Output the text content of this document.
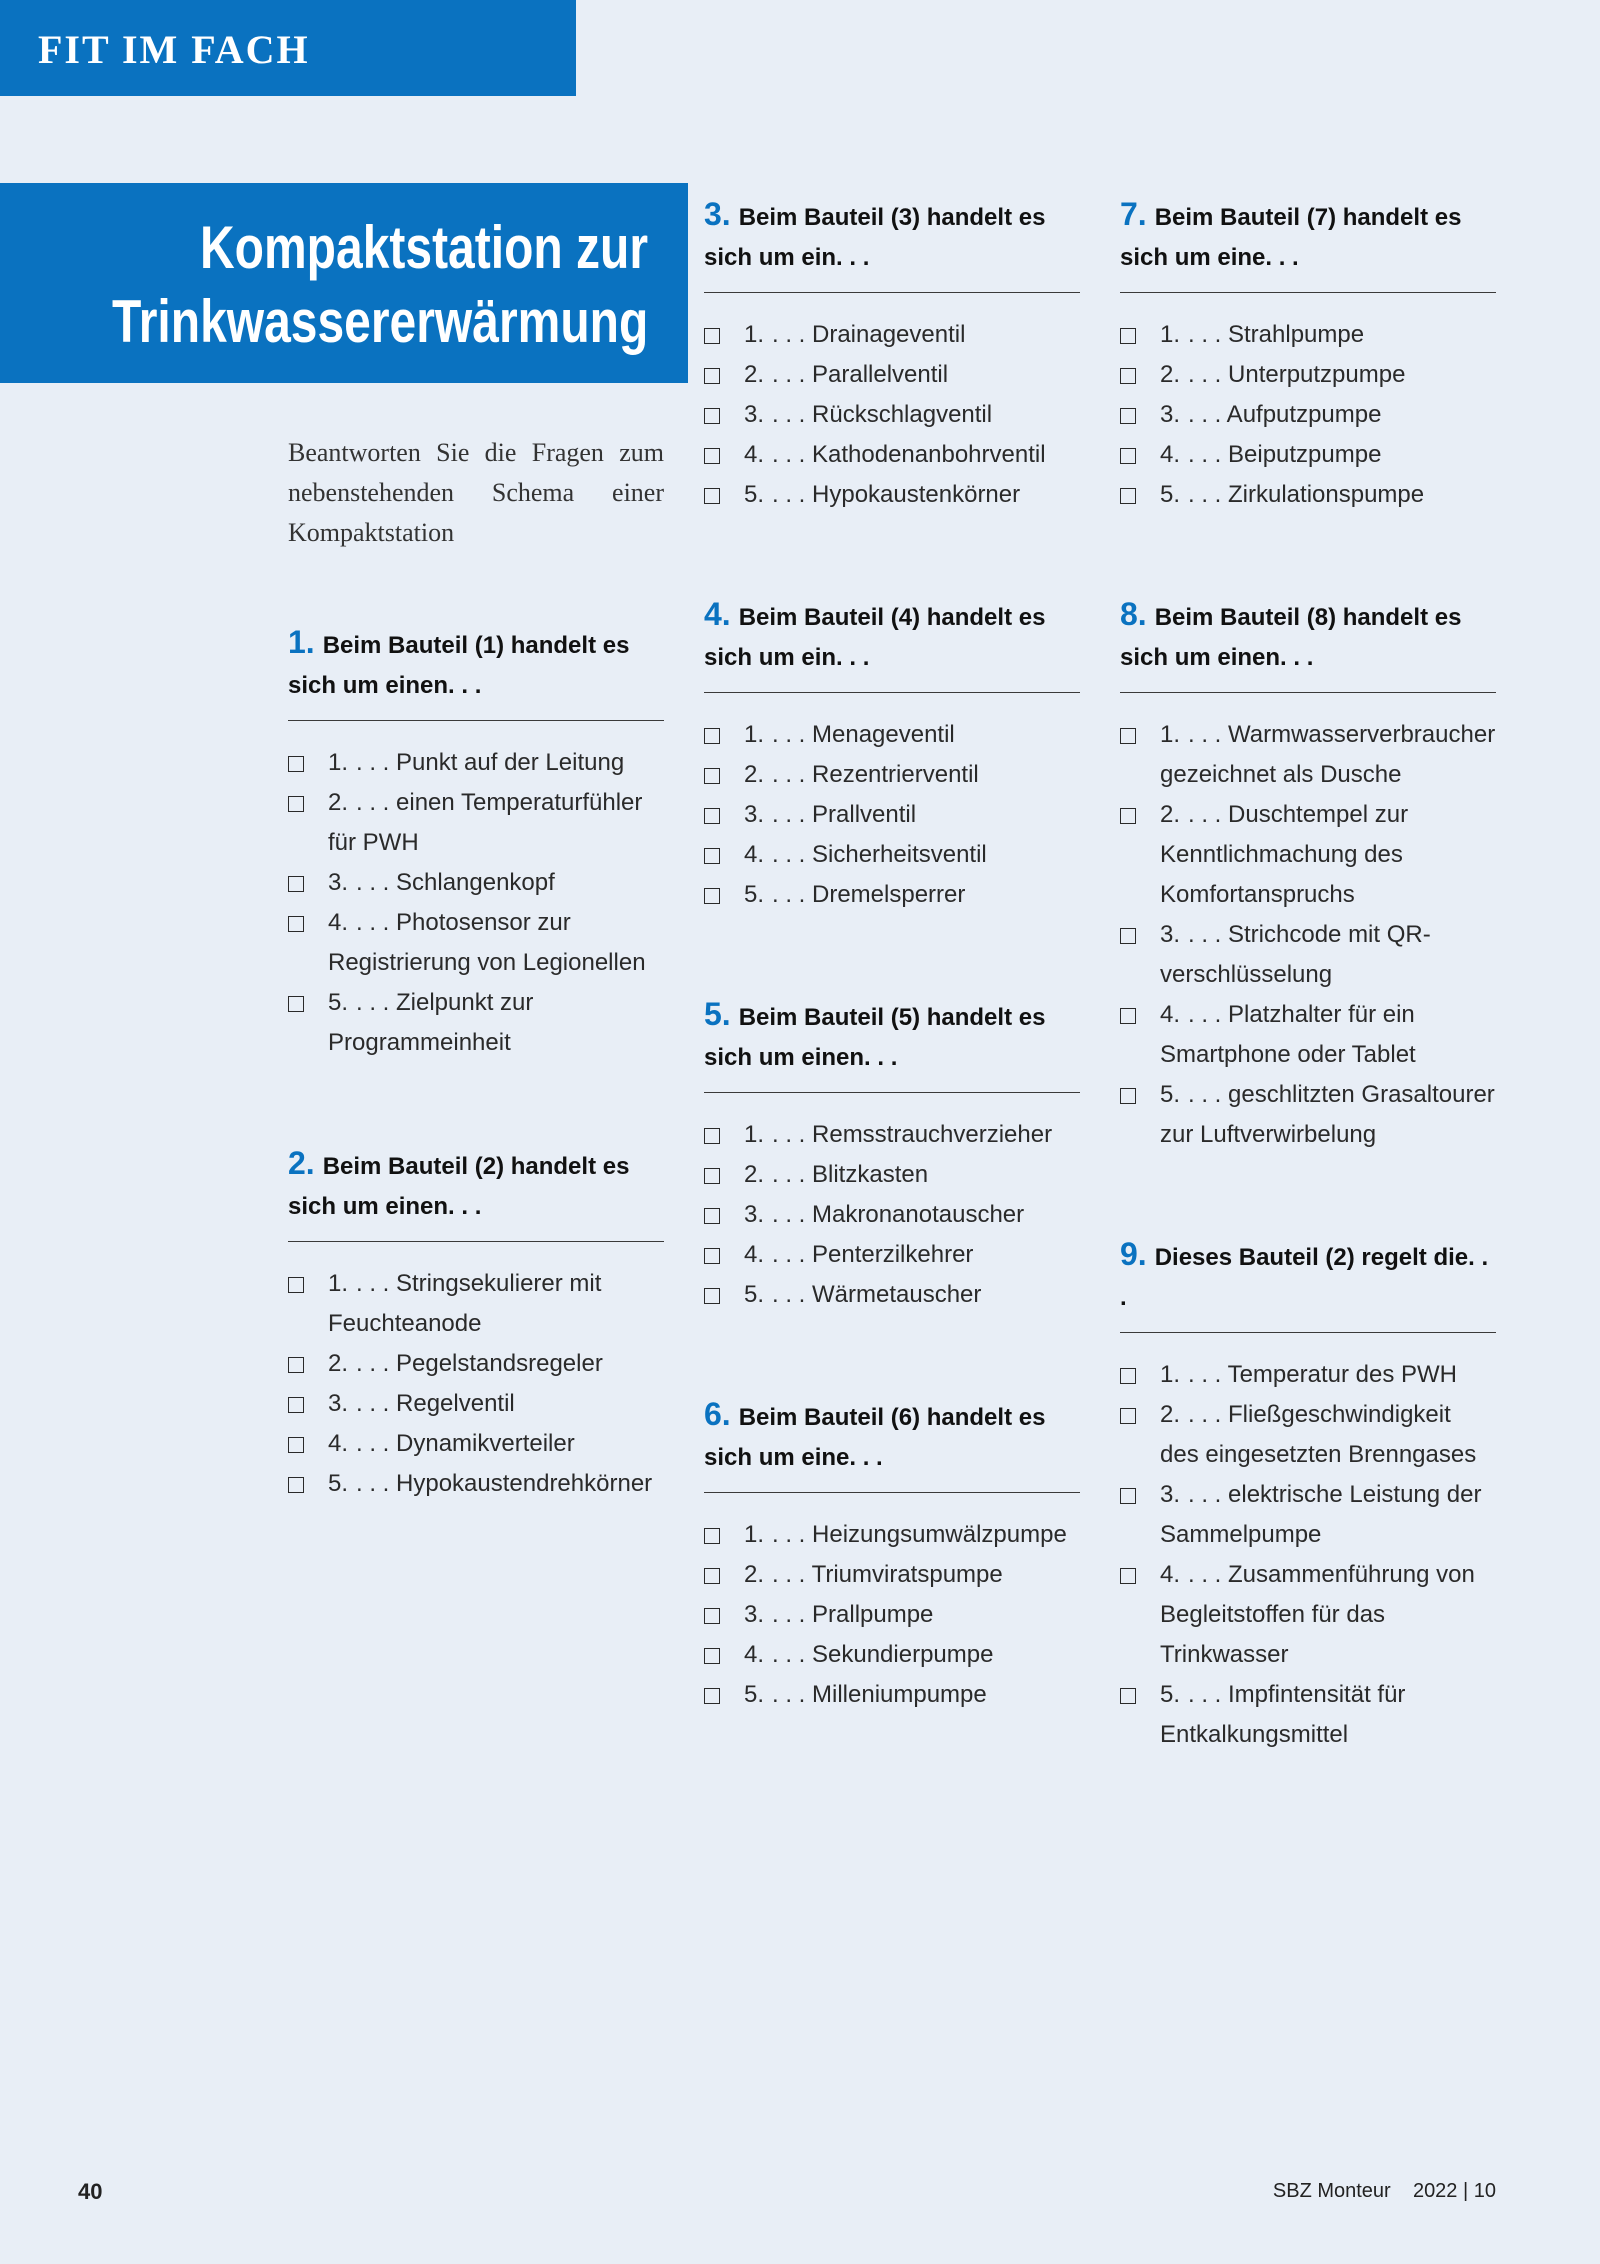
FIT IM FACH
Kompaktstation zur
Trinkwassererwärmung
Beantworten Sie die Fragen zum nebenstehenden Schema einer Kompaktstation
1. Beim Bauteil (1) handelt es sich um einen. . .
1. . . . Punkt auf der Leitung
2. . . . einen Temperaturfühler für PWH
3. . . . Schlangenkopf
4. . . . Photosensor zur Registrierung von Legionellen
5. . . . Zielpunkt zur Programmeinheit
2. Beim Bauteil (2) handelt es sich um einen. . .
1. . . . Stringsekulierer mit Feuchteanode
2. . . . Pegelstandsregeler
3. . . . Regelventil
4. . . . Dynamikverteiler
5. . . . Hypokaustendrehkörner
3. Beim Bauteil (3) handelt es sich um ein. . .
1. . . . Drainageventil
2. . . . Parallelventil
3. . . . Rückschlagventil
4. . . . Kathodenanbohrventil
5. . . . Hypokaustenkörner
4. Beim Bauteil (4) handelt es sich um ein. . .
1. . . . Menageventil
2. . . . Rezentrierventil
3. . . . Prallventil
4. . . . Sicherheitsventil
5. . . . Dremelsperrer
5. Beim Bauteil (5) handelt es sich um einen. . .
1. . . . Remsstrauchverzieher
2. . . . Blitzkasten
3. . . . Makronanotauscher
4. . . . Penterzilkehrer
5. . . . Wärmetauscher
6. Beim Bauteil (6) handelt es sich um eine. . .
1. . . . Heizungsumwälzpumpe
2. . . . Triumviratspumpe
3. . . . Prallpumpe
4. . . . Sekundierpumpe
5. . . . Milleniumpumpe
7. Beim Bauteil (7) handelt es sich um eine. . .
1. . . . Strahlpumpe
2. . . . Unterputzpumpe
3. . . . Aufputzpumpe
4. . . . Beiputzpumpe
5. . . . Zirkulationspumpe
8. Beim Bauteil (8) handelt es sich um einen. . .
1. . . . Warmwasserverbraucher gezeichnet als Dusche
2. . . . Duschtempel zur Kenntlichmachung des Komfortanspruchs
3. . . . Strichcode mit QR-verschlüsselung
4. . . . Platzhalter für ein Smartphone oder Tablet
5. . . . geschlitzten Grasaltourer zur Luftverwirbelung
9. Dieses Bauteil (2) regelt die. . .
1. . . . Temperatur des PWH
2. . . . Fließgeschwindigkeit des eingesetzten Brenngases
3. . . . elektrische Leistung der Sammelpumpe
4. . . . Zusammenführung von Begleitstoffen für das Trinkwasser
5. . . . Impfintensität für Entkalkungsmittel
40	SBZ Monteur    2022 | 10
